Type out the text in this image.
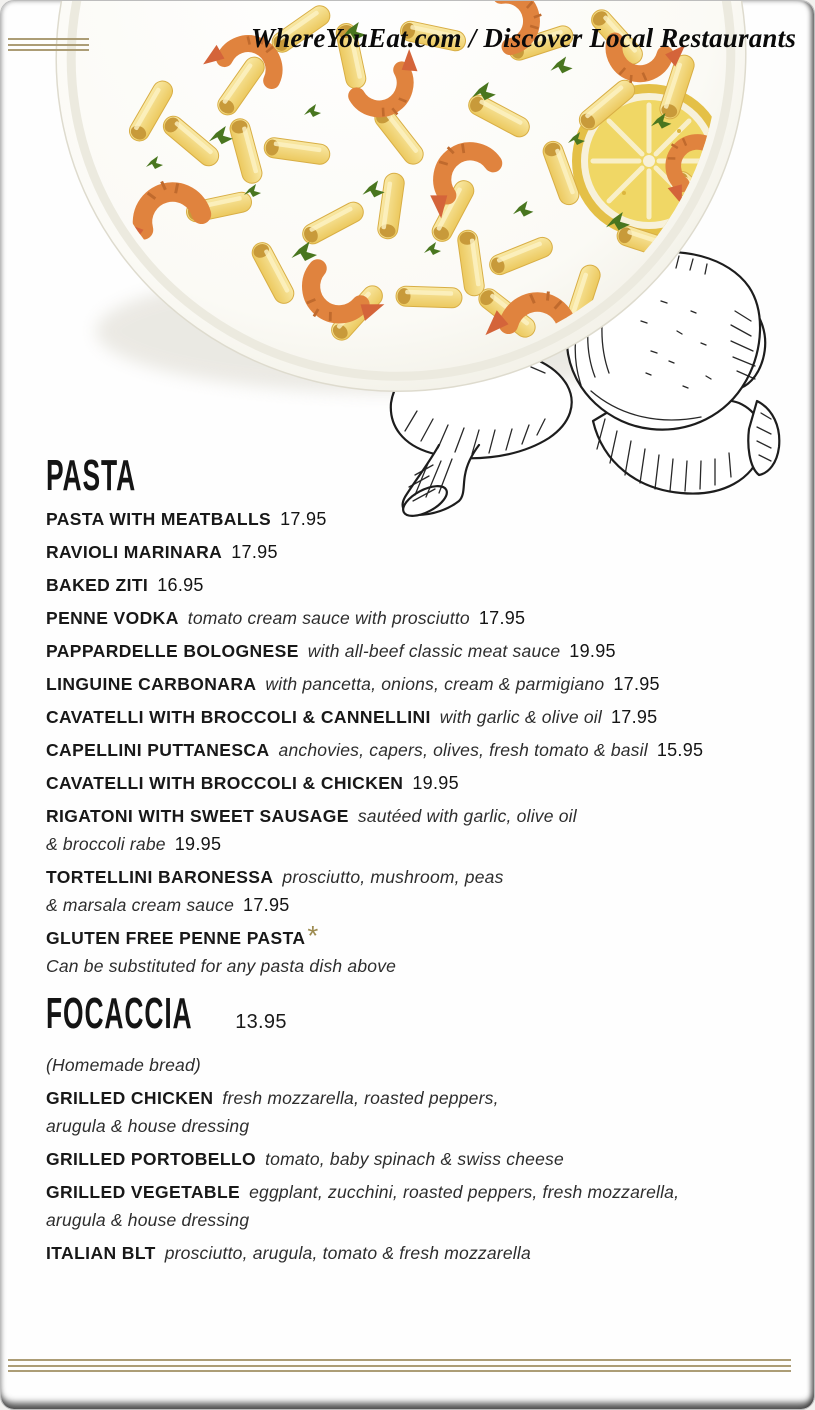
WhereYouEat.com / Discover Local Restaurants
PASTA
PASTA WITH MEATBALLS 17.95
RAVIOLI MARINARA 17.95
BAKED ZITI 16.95
PENNE VODKA tomato cream sauce with prosciutto 17.95
PAPPARDELLE BOLOGNESE with all-beef classic meat sauce 19.95
LINGUINE CARBONARA with pancetta, onions, cream & parmigiano 17.95
CAVATELLI WITH BROCCOLI & CANNELLINI with garlic & olive oil 17.95
CAPELLINI PUTTANESCA anchovies, capers, olives, fresh tomato & basil 15.95
CAVATELLI WITH BROCCOLI & CHICKEN 19.95
RIGATONI WITH SWEET SAUSAGE sautéed with garlic, olive oil
& broccoli rabe 19.95
TORTELLINI BARONESSA prosciutto, mushroom, peas
& marsala cream sauce 17.95
GLUTEN FREE PENNE PASTA*
Can be substituted for any pasta dish above
FOCACCIA 13.95
(Homemade bread)
GRILLED CHICKEN fresh mozzarella, roasted peppers,
arugula & house dressing
GRILLED PORTOBELLO tomato, baby spinach & swiss cheese
GRILLED VEGETABLE eggplant, zucchini, roasted peppers, fresh mozzarella,
arugula & house dressing
ITALIAN BLT prosciutto, arugula, tomato & fresh mozzarella
